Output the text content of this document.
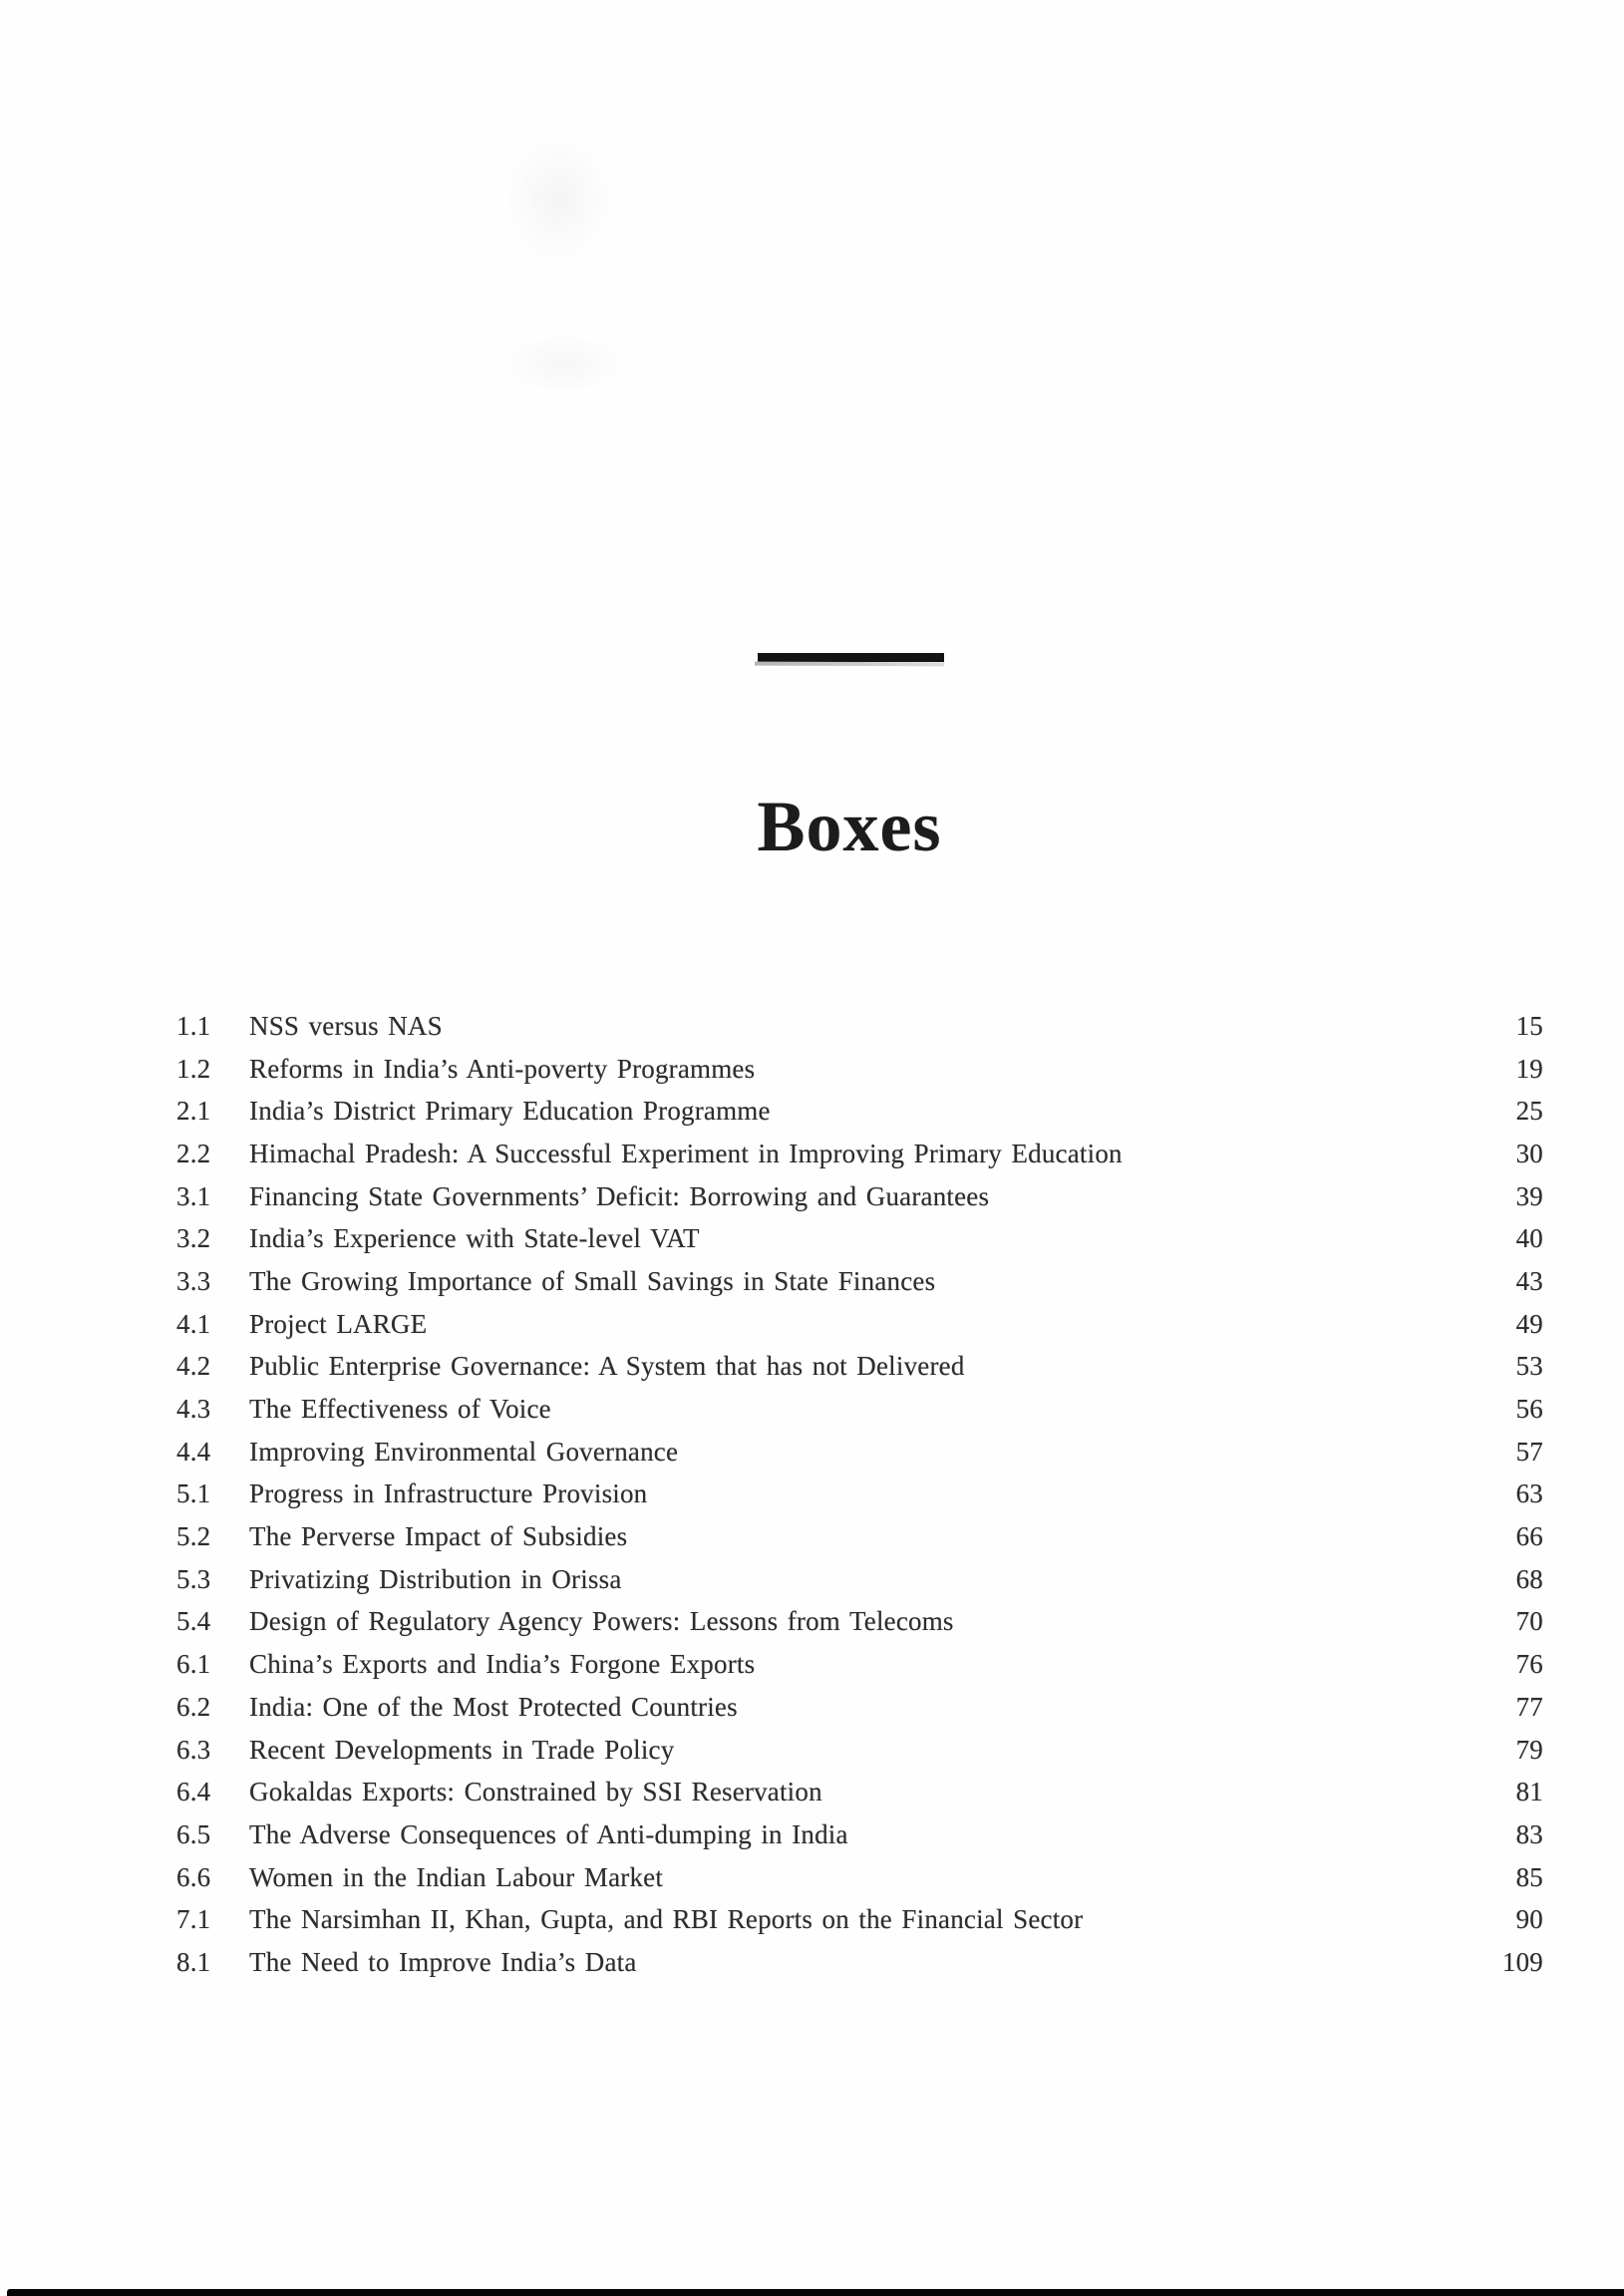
Boxes
1.1	NSS versus NAS	15
1.2	Reforms in India’s Anti-poverty Programmes	19
2.1	India’s District Primary Education Programme	25
2.2	Himachal Pradesh: A Successful Experiment in Improving Primary Education	30
3.1	Financing State Governments’ Deficit: Borrowing and Guarantees	39
3.2	India’s Experience with State-level VAT	40
3.3	The Growing Importance of Small Savings in State Finances	43
4.1	Project LARGE	49
4.2	Public Enterprise Governance: A System that has not Delivered	53
4.3	The Effectiveness of Voice	56
4.4	Improving Environmental Governance	57
5.1	Progress in Infrastructure Provision	63
5.2	The Perverse Impact of Subsidies	66
5.3	Privatizing Distribution in Orissa	68
5.4	Design of Regulatory Agency Powers: Lessons from Telecoms	70
6.1	China’s Exports and India’s Forgone Exports	76
6.2	India: One of the Most Protected Countries	77
6.3	Recent Developments in Trade Policy	79
6.4	Gokaldas Exports: Constrained by SSI Reservation	81
6.5	The Adverse Consequences of Anti-dumping in India	83
6.6	Women in the Indian Labour Market	85
7.1	The Narsimhan II, Khan, Gupta, and RBI Reports on the Financial Sector	90
8.1	The Need to Improve India’s Data	109
